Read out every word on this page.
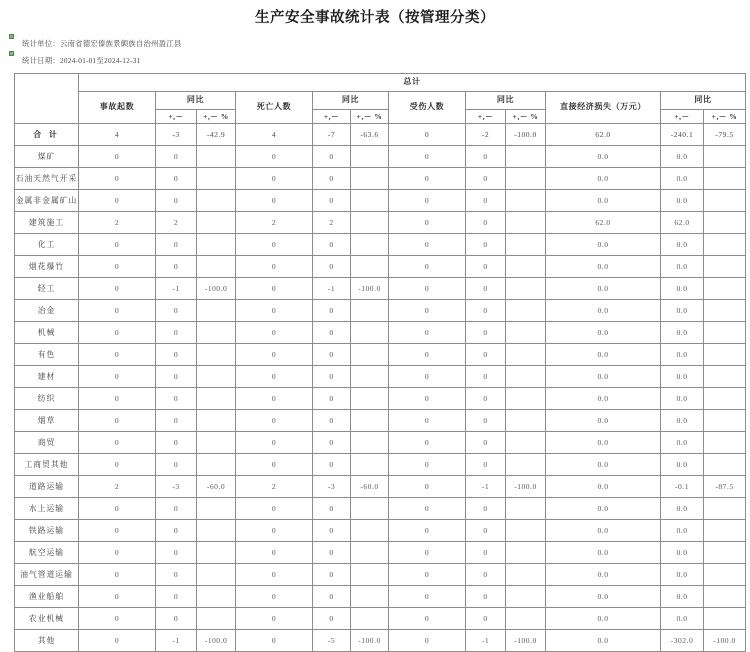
生产安全事故统计表（按管理分类）
统计单位：云南省德宏傣族景颇族自治州盈江县
统计日期：2024-01-01至2024-12-31
	总计											
	事故起数	同比		死亡人数	同比		受伤人数	同比		直接经济损失（万元）	同比	
		+,－	+,－ %		+,－	+,－ %		+,－	+,－ %		+,－	+,－ %
合 计	4	-3	-42.9	4	-7	-63.6	0	-2	-100.0	62.0	-240.1	-79.5
煤矿	0	0		0	0		0	0		0.0	0.0	
石油天然气开采	0	0		0	0		0	0		0.0	0.0	
金属非金属矿山	0	0		0	0		0	0		0.0	0.0	
建筑施工	2	2		2	2		0	0		62.0	62.0	
化工	0	0		0	0		0	0		0.0	0.0	
烟花爆竹	0	0		0	0		0	0		0.0	0.0	
轻工	0	-1	-100.0	0	-1	-100.0	0	0		0.0	0.0	
冶金	0	0		0	0		0	0		0.0	0.0	
机械	0	0		0	0		0	0		0.0	0.0	
有色	0	0		0	0		0	0		0.0	0.0	
建材	0	0		0	0		0	0		0.0	0.0	
纺织	0	0		0	0		0	0		0.0	0.0	
烟草	0	0		0	0		0	0		0.0	0.0	
商贸	0	0		0	0		0	0		0.0	0.0	
工商贸其他	0	0		0	0		0	0		0.0	0.0	
道路运输	2	-3	-60.0	2	-3	-60.0	0	-1	-100.0	0.0	-0.1	-87.5
水上运输	0	0		0	0		0	0		0.0	0.0	
铁路运输	0	0		0	0		0	0		0.0	0.0	
航空运输	0	0		0	0		0	0		0.0	0.0	
油气管道运输	0	0		0	0		0	0		0.0	0.0	
渔业船舶	0	0		0	0		0	0		0.0	0.0	
农业机械	0	0		0	0		0	0		0.0	0.0	
其他	0	-1	-100.0	0	-5	-100.0	0	-1	-100.0	0.0	-302.0	-100.0
